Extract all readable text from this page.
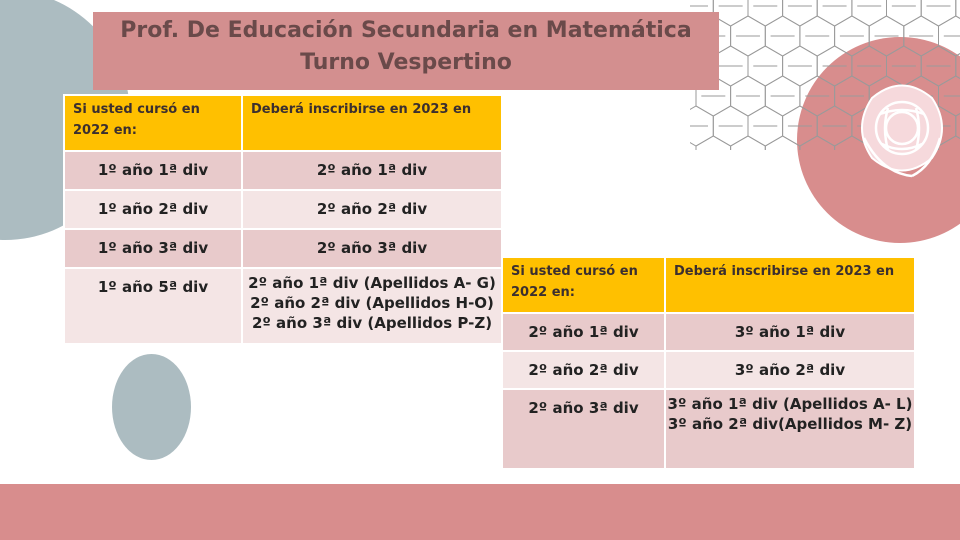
Prof. De Educación Secundaria en Matemática
Turno Vespertino
Si usted cursó en 2022 en:	Deberá inscribirse en 2023 en

1º año 1ª div	2º año 1ª div

1º año 2ª div	2º año 2ª div

1º año 3ª div	2º año 3ª div

1º año 5ª div	2º año 1ª div (Apellidos A- G)
2º año 2ª div (Apellidos H-O)
2º año 3ª div (Apellidos P-Z)
Si usted cursó en 2022 en:	Deberá inscribirse en 2023 en

2º año 1ª div	3º año 1ª div

2º año 2ª div	3º año 2ª div

2º año 3ª div	3º año 1ª div (Apellidos A- L)
3º año 2ª div(Apellidos M- Z)
